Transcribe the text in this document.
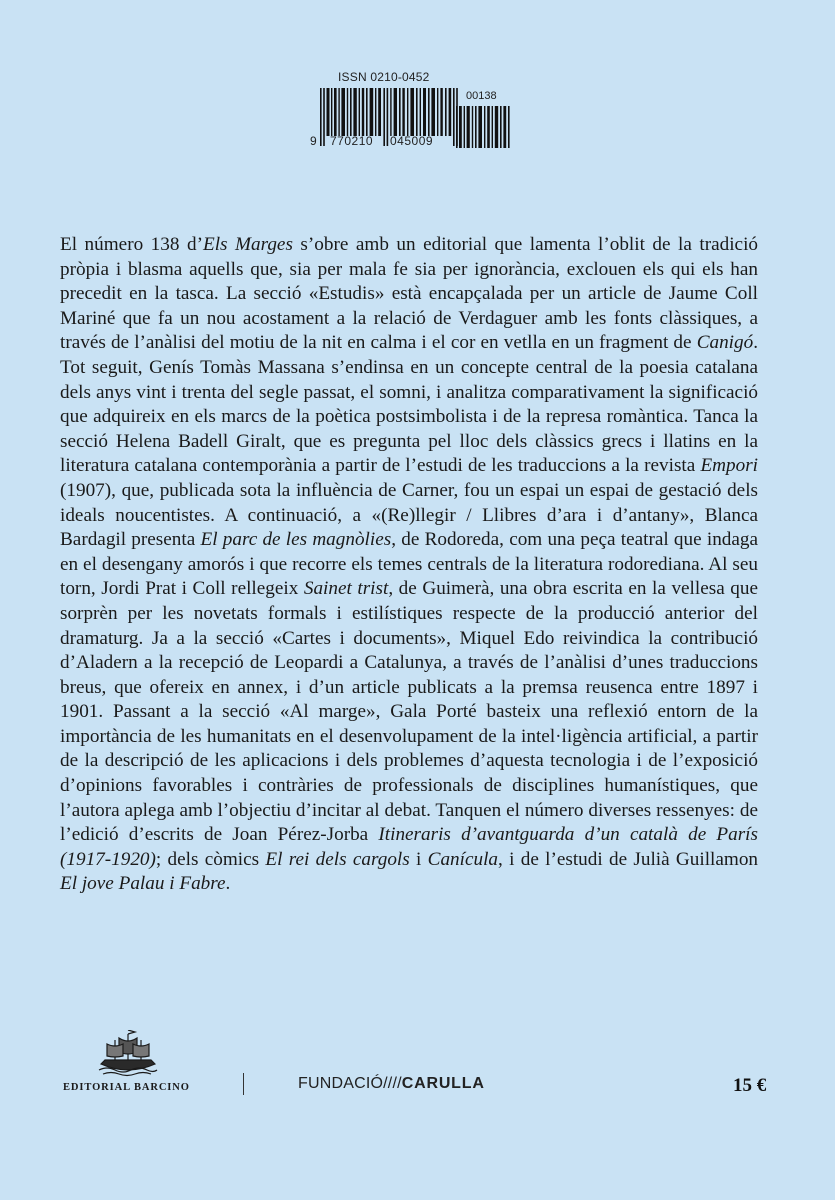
ISSN 0210-0452
00138
9 770210 045009

El número 138 d’Els Marges s’obre amb un editorial que lamenta l’oblit de la tradició pròpia i blasma aquells que, sia per mala fe sia per ignorància, exclouen els qui els han precedit en la tasca. La secció «Estudis» està encapçalada per un article de Jaume Coll Mariné que fa un nou acostament a la relació de Verdaguer amb les fonts clàssiques, a través de l’anàlisi del motiu de la nit en calma i el cor en vetlla en un fragment de Canigó. Tot seguit, Genís Tomàs Massana s’endinsa en un concepte central de la poesia catalana dels anys vint i trenta del segle passat, el somni, i analitza comparativament la significació que adquireix en els marcs de la poètica postsimbolista i de la represa romàntica. Tanca la secció Helena Badell Giralt, que es pregunta pel lloc dels clàssics grecs i llatins en la literatura catalana contemporània a partir de l’estudi de les traduccions a la revista Empori (1907), que, publicada sota la influència de Carner, fou un espai un espai de gestació dels ideals noucentistes. A continuació, a «(Re)llegir / Llibres d’ara i d’antany», Blanca Bardagil presenta El parc de les magnòlies, de Rodoreda, com una peça teatral que indaga en el desengany amorós i que recorre els temes centrals de la literatura rodorediana. Al seu torn, Jordi Prat i Coll rellegeix Sainet trist, de Guimerà, una obra escrita en la vellesa que sorprèn per les novetats formals i estilístiques respecte de la producció anterior del dramaturg. Ja a la secció «Cartes i documents», Miquel Edo reivindica la contribució d’Aladern a la recepció de Leopardi a Catalunya, a través de l’anàlisi d’unes traduccions breus, que ofereix en annex, i d’un article publicats a la premsa reusenca entre 1897 i 1901. Passant a la secció «Al marge», Gala Porté basteix una reflexió entorn de la importància de les humanitats en el desenvolupament de la intel·ligència artificial, a partir de la descripció de les aplicacions i dels problemes d’aquesta tecnologia i de l’exposició d’opinions favorables i contràries de professionals de disciplines humanístiques, que l’autora aplega amb l’objectiu d’incitar al debat. Tanquen el número diverses ressenyes: de l’edició d’escrits de Joan Pérez-Jorba Itineraris d’avantguarda d’un català de París (1917-1920); dels còmics El rei dels cargols i Canícula, i de l’estudi de Julià Guillamon El jove Palau i Fabre.

EDITORIAL BARCINO	FUNDACIÓ////CARULLA	15 €
